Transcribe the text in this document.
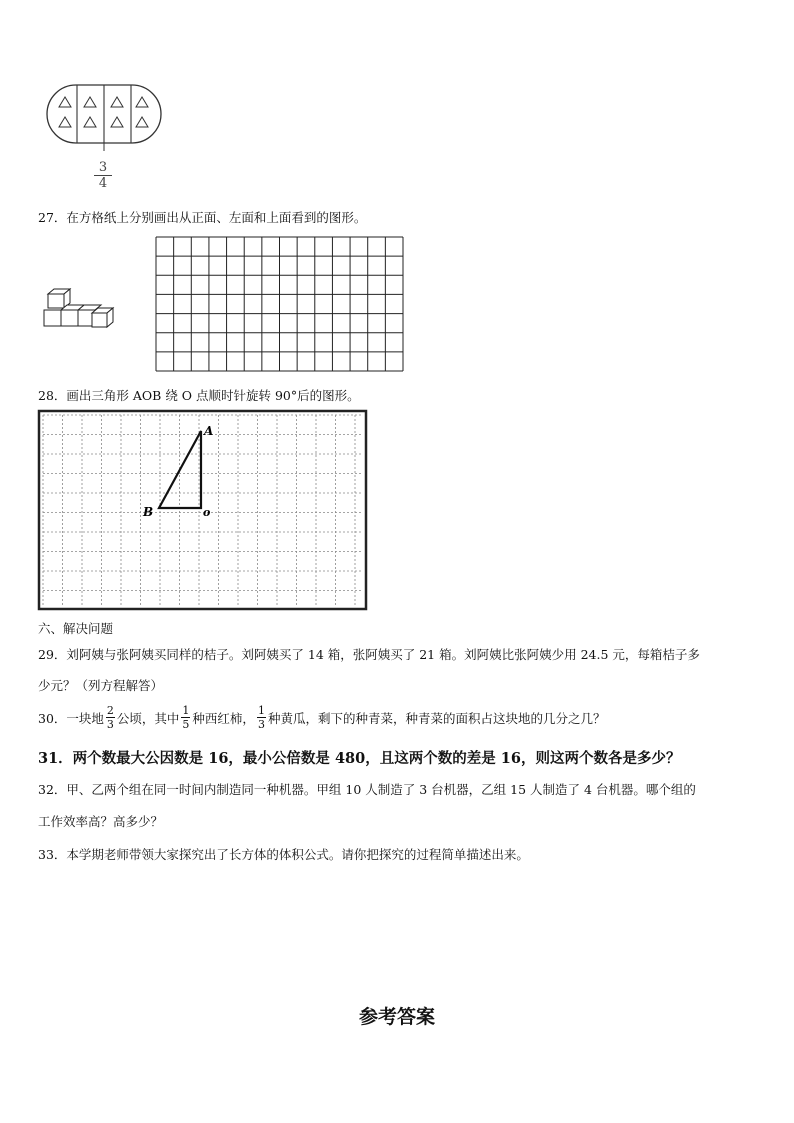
$\frac{3}{4}$
27．在方格纸上分别画出从正面、左面和上面看到的图形。
28．画出三角形 AOB 绕 O 点顺时针旋转 90°后的图形。
A
B	o
六、解决问题
29．刘阿姨与张阿姨买同样的桔子。刘阿姨买了 14 箱，张阿姨买了 21 箱。刘阿姨比张阿姨少用 24.5 元，每箱桔子多
少元？（列方程解答）
30．一块地 $\frac{2}{3}$ 公顷，其中 $\frac{1}{5}$ 种西红柿， $\frac{1}{3}$ 种黄瓜，剩下的种青菜，种青菜的面积占这块地的几分之几？
31．两个数最大公因数是 16，最小公倍数是 480，且这两个数的差是 16，则这两个数各是多少？
32．甲、乙两个组在同一时间内制造同一种机器。甲组 10 人制造了 3 台机器，乙组 15 人制造了 4 台机器。哪个组的
工作效率高？高多少？
33．本学期老师带领大家探究出了长方体的体积公式。请你把探究的过程简单描述出来。
参考答案
